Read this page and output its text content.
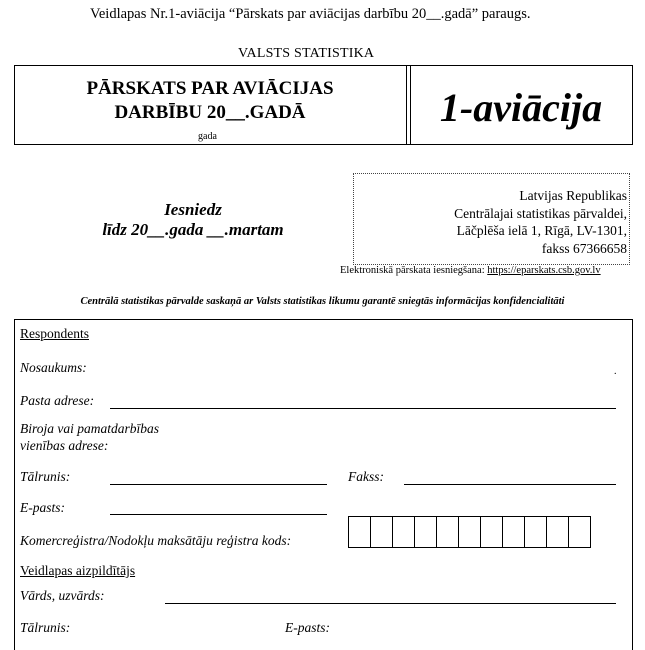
Veidlapas Nr.1-aviācija “Pārskats par aviācijas darbību 20__.gadā” paraugs.
VALSTS STATISTIKA
PĀRSKATS PAR AVIĀCIJAS
DARBĪBU 20__.GADĀ
gada
1-aviācija
Iesniedz
līdz 20__.gada __.martam
Latvijas Republikas
Centrālajai statistikas pārvaldei,
Lāčplēša ielā 1, Rīgā, LV-1301,
fakss 67366658
Elektroniskā pārskata iesniegšana: https://eparskats.csb.gov.lv
Centrālā statistikas pārvalde saskaņā ar Valsts statistikas likumu garantē sniegtās informācijas konfidencialitāti
Respondents
Nosaukums:	.
Pasta adrese:
Biroja vai pamatdarbības
vienības adrese:
Tālrunis:	Fakss:
E-pasts:
Komercreģistra/Nodokļu maksātāju reģistra kods:
Veidlapas aizpildītājs
Vārds, uzvārds:
Tālrunis:	E-pasts:
